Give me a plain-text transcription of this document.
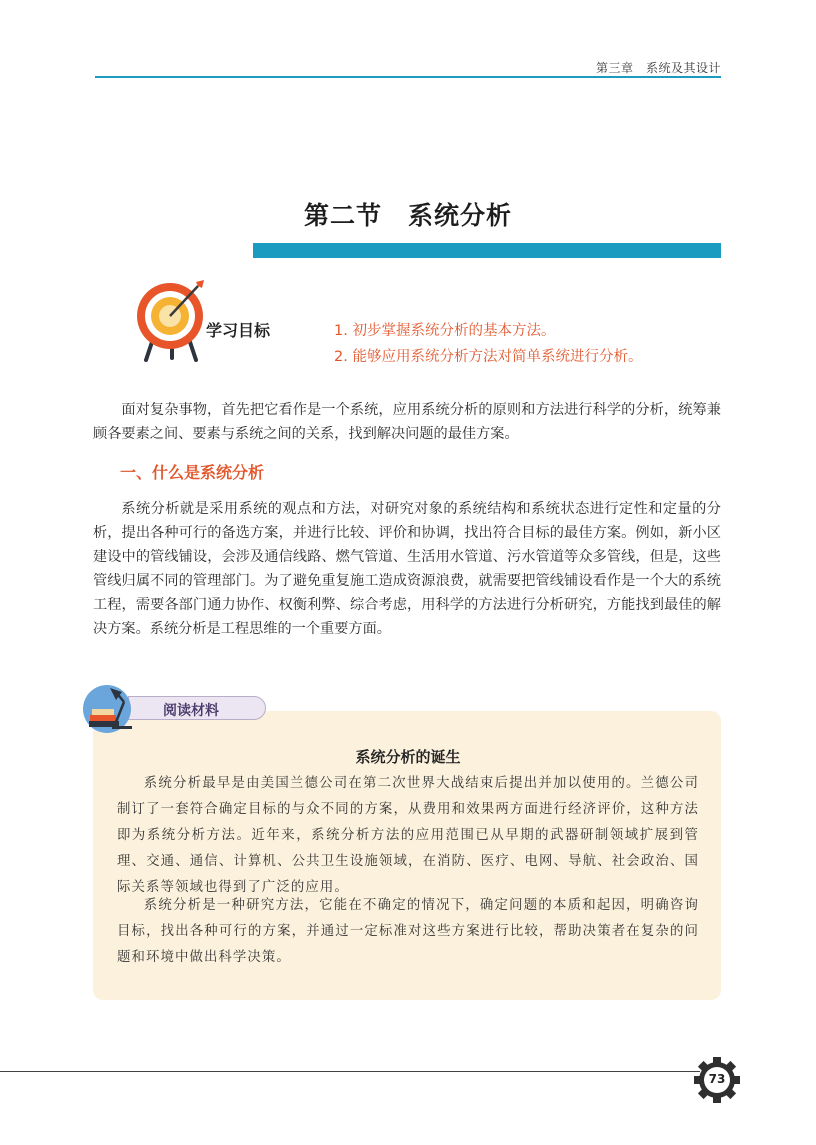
第三章　系统及其设计
第二节　系统分析
学习目标	1. 初步掌握系统分析的基本方法。
2. 能够应用系统分析方法对简单系统进行分析。

面对复杂事物，首先把它看作是一个系统，应用系统分析的原则和方法进行科学的分析，统筹兼顾各要素之间、要素与系统之间的关系，找到解决问题的最佳方案。

一、什么是系统分析

系统分析就是采用系统的观点和方法，对研究对象的系统结构和系统状态进行定性和定量的分析，提出各种可行的备选方案，并进行比较、评价和协调，找出符合目标的最佳方案。例如，新小区建设中的管线铺设，会涉及通信线路、燃气管道、生活用水管道、污水管道等众多管线，但是，这些管线归属不同的管理部门。为了避免重复施工造成资源浪费，就需要把管线铺设看作是一个大的系统工程，需要各部门通力协作、权衡利弊、综合考虑，用科学的方法进行分析研究，方能找到最佳的解决方案。系统分析是工程思维的一个重要方面。

阅读材料
系统分析的诞生

系统分析最早是由美国兰德公司在第二次世界大战结束后提出并加以使用的。兰德公司制订了一套符合确定目标的与众不同的方案，从费用和效果两方面进行经济评价，这种方法即为系统分析方法。近年来，系统分析方法的应用范围已从早期的武器研制领域扩展到管理、交通、通信、计算机、公共卫生设施领域，在消防、医疗、电网、导航、社会政治、国际关系等领域也得到了广泛的应用。

系统分析是一种研究方法，它能在不确定的情况下，确定问题的本质和起因，明确咨询目标，找出各种可行的方案，并通过一定标准对这些方案进行比较，帮助决策者在复杂的问题和环境中做出科学决策。

73
